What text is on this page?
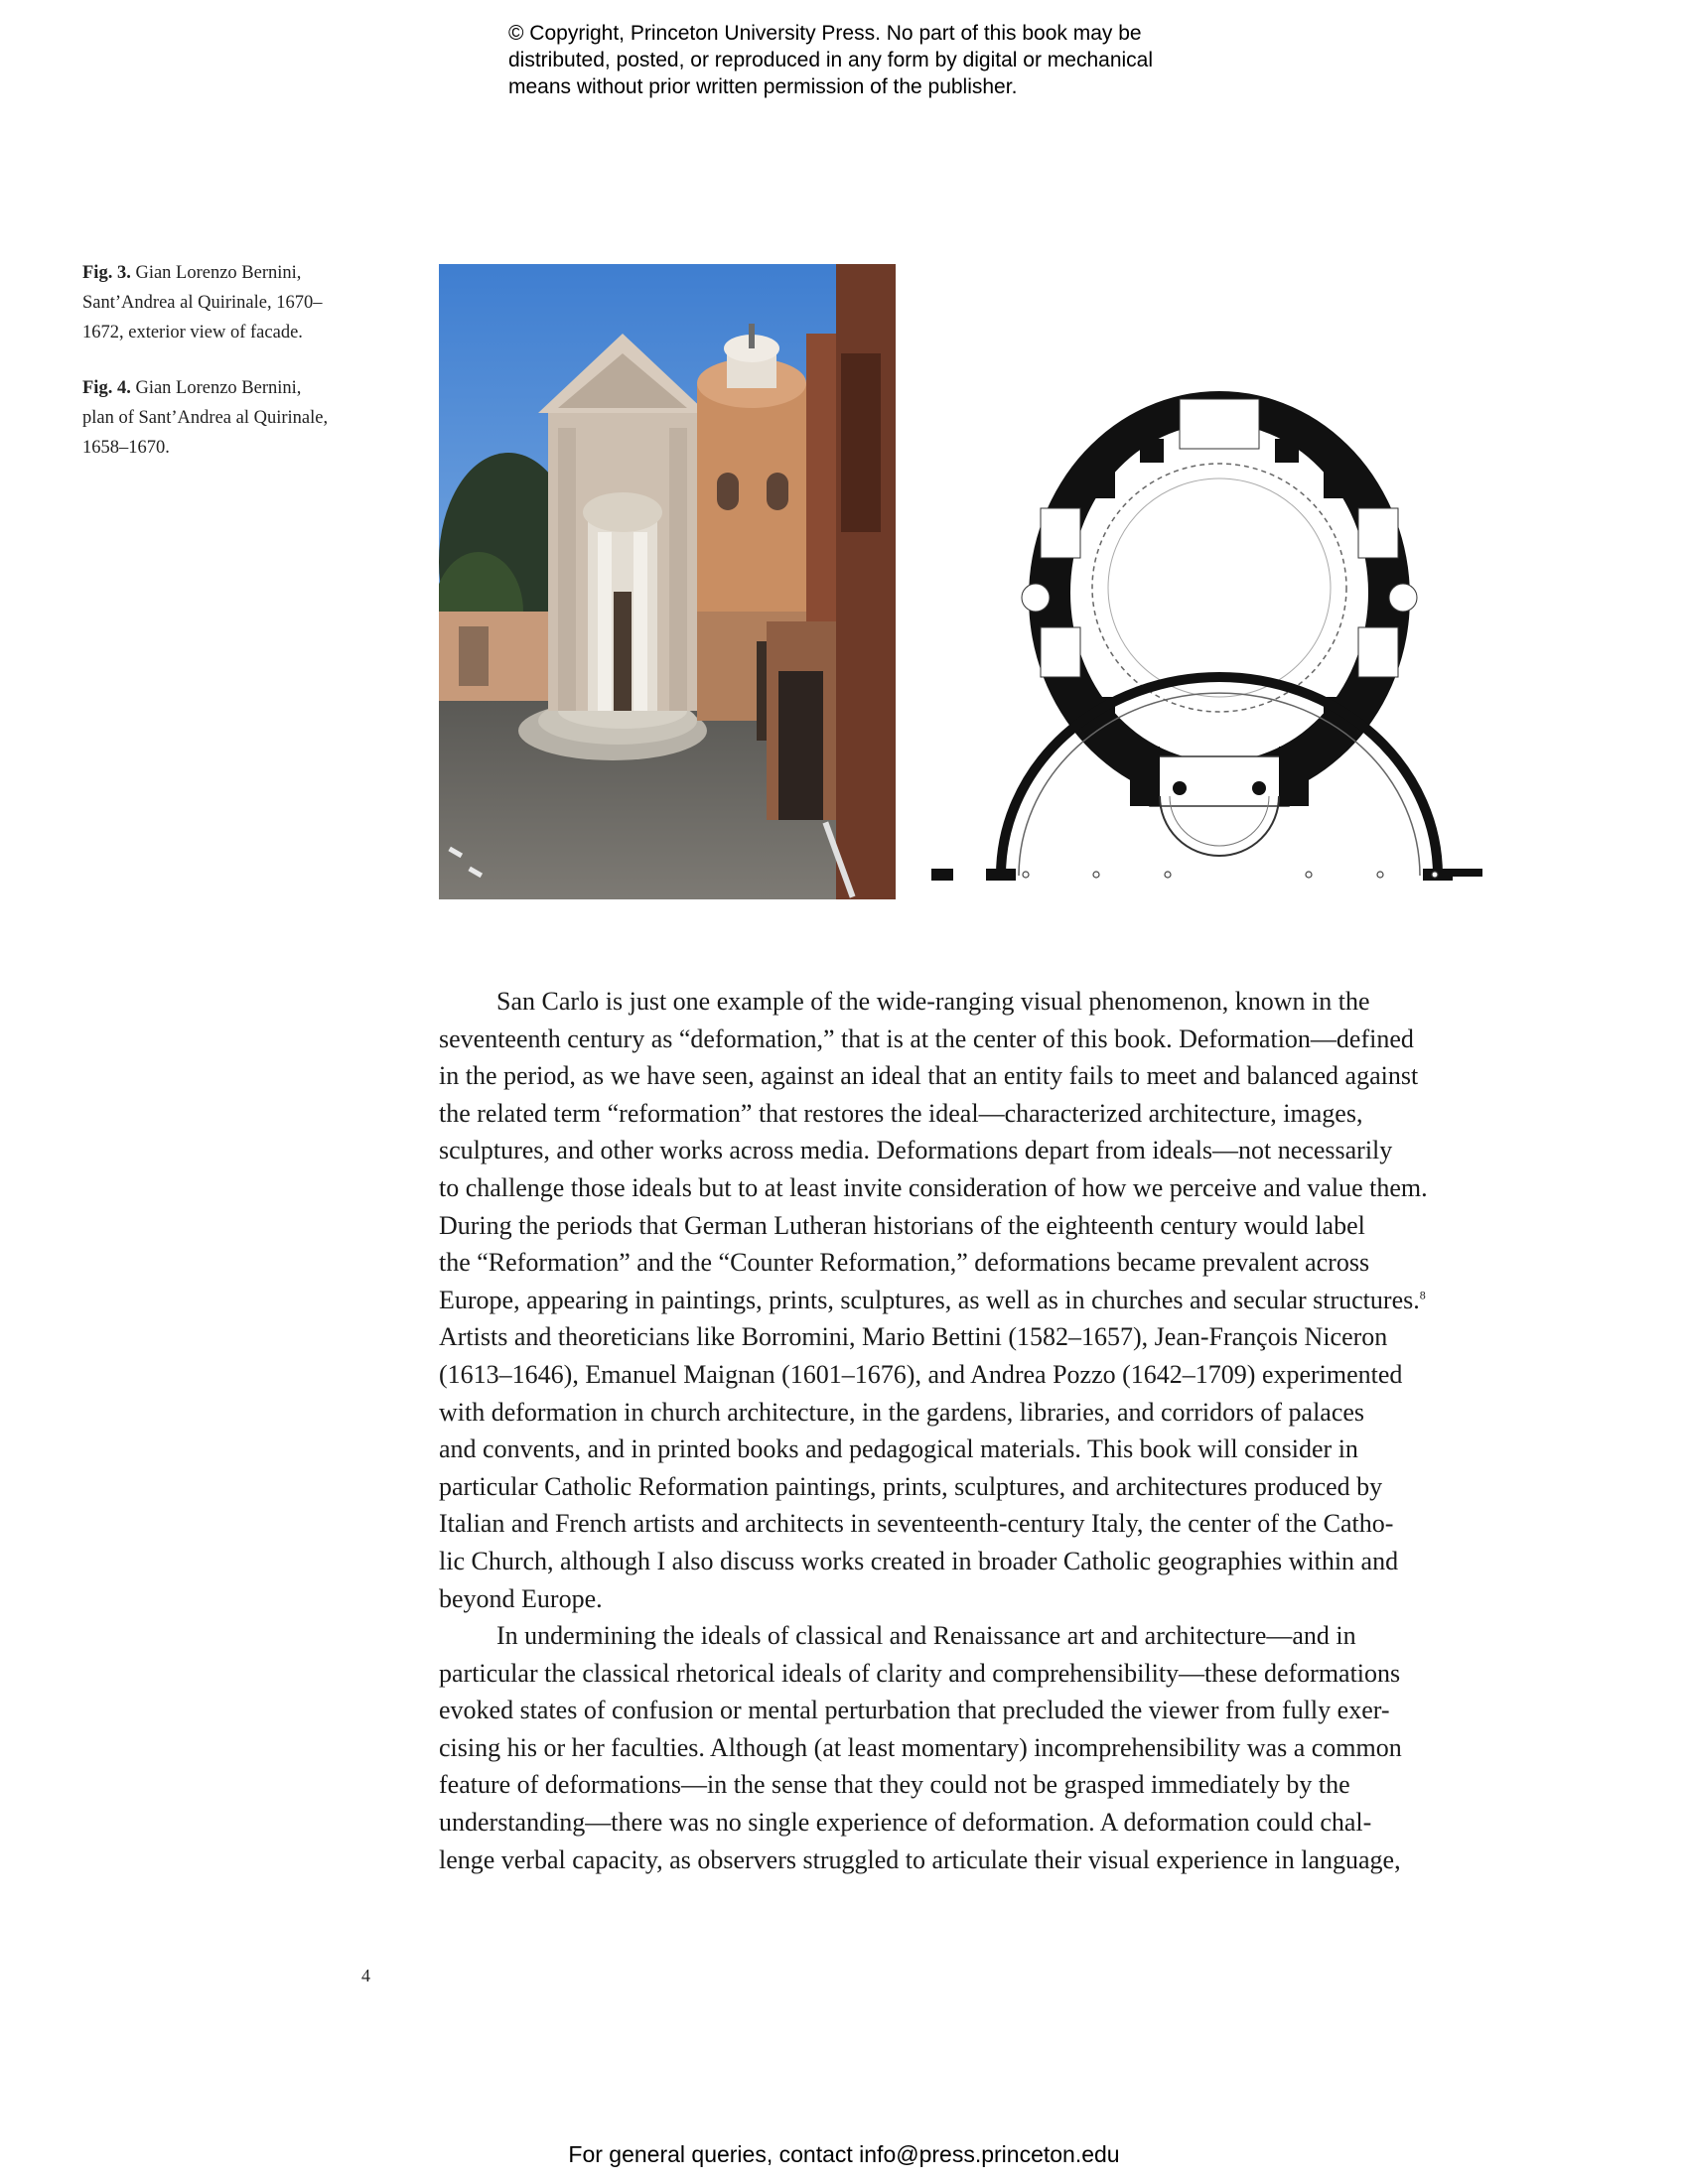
© Copyright, Princeton University Press. No part of this book may be
distributed, posted, or reproduced in any form by digital or mechanical
means without prior written permission of the publisher.
Fig. 3. Gian Lorenzo Bernini,
Sant’Andrea al Quirinale, 1670–
1672, exterior view of facade.
Fig. 4. Gian Lorenzo Bernini,
plan of Sant’Andrea al Quirinale,
1658–1670.
San Carlo is just one example of the wide-ranging visual phenomenon, known in the
seventeenth century as “deformation,” that is at the center of this book. Deformation—defined
in the period, as we have seen, against an ideal that an entity fails to meet and balanced against
the related term “reformation” that restores the ideal—characterized architecture, images,
sculptures, and other works across media. Deformations depart from ideals—not necessarily
to challenge those ideals but to at least invite consideration of how we perceive and value them.
During the periods that German Lutheran historians of the eighteenth century would label
the “Reformation” and the “Counter Reformation,” deformations became prevalent across
Europe, appearing in paintings, prints, sculptures, as well as in churches and secular structures.$^8$
Artists and theoreticians like Borromini, Mario Bettini (1582–1657), Jean-François Niceron
(1613–1646), Emanuel Maignan (1601–1676), and Andrea Pozzo (1642–1709) experimented
with deformation in church architecture, in the gardens, libraries, and corridors of palaces
and convents, and in printed books and pedagogical materials. This book will consider in
particular Catholic Reformation paintings, prints, sculptures, and architectures produced by
Italian and French artists and architects in seventeenth-century Italy, the center of the Catho-
lic Church, although I also discuss works created in broader Catholic geographies within and
beyond Europe.
In undermining the ideals of classical and Renaissance art and architecture—and in
particular the classical rhetorical ideals of clarity and comprehensibility—these deformations
evoked states of confusion or mental perturbation that precluded the viewer from fully exer-
cising his or her faculties. Although (at least momentary) incomprehensibility was a common
feature of deformations—in the sense that they could not be grasped immediately by the
understanding—there was no single experience of deformation. A deformation could chal-
lenge verbal capacity, as observers struggled to articulate their visual experience in language,
4
For general queries, contact info@press.princeton.edu
